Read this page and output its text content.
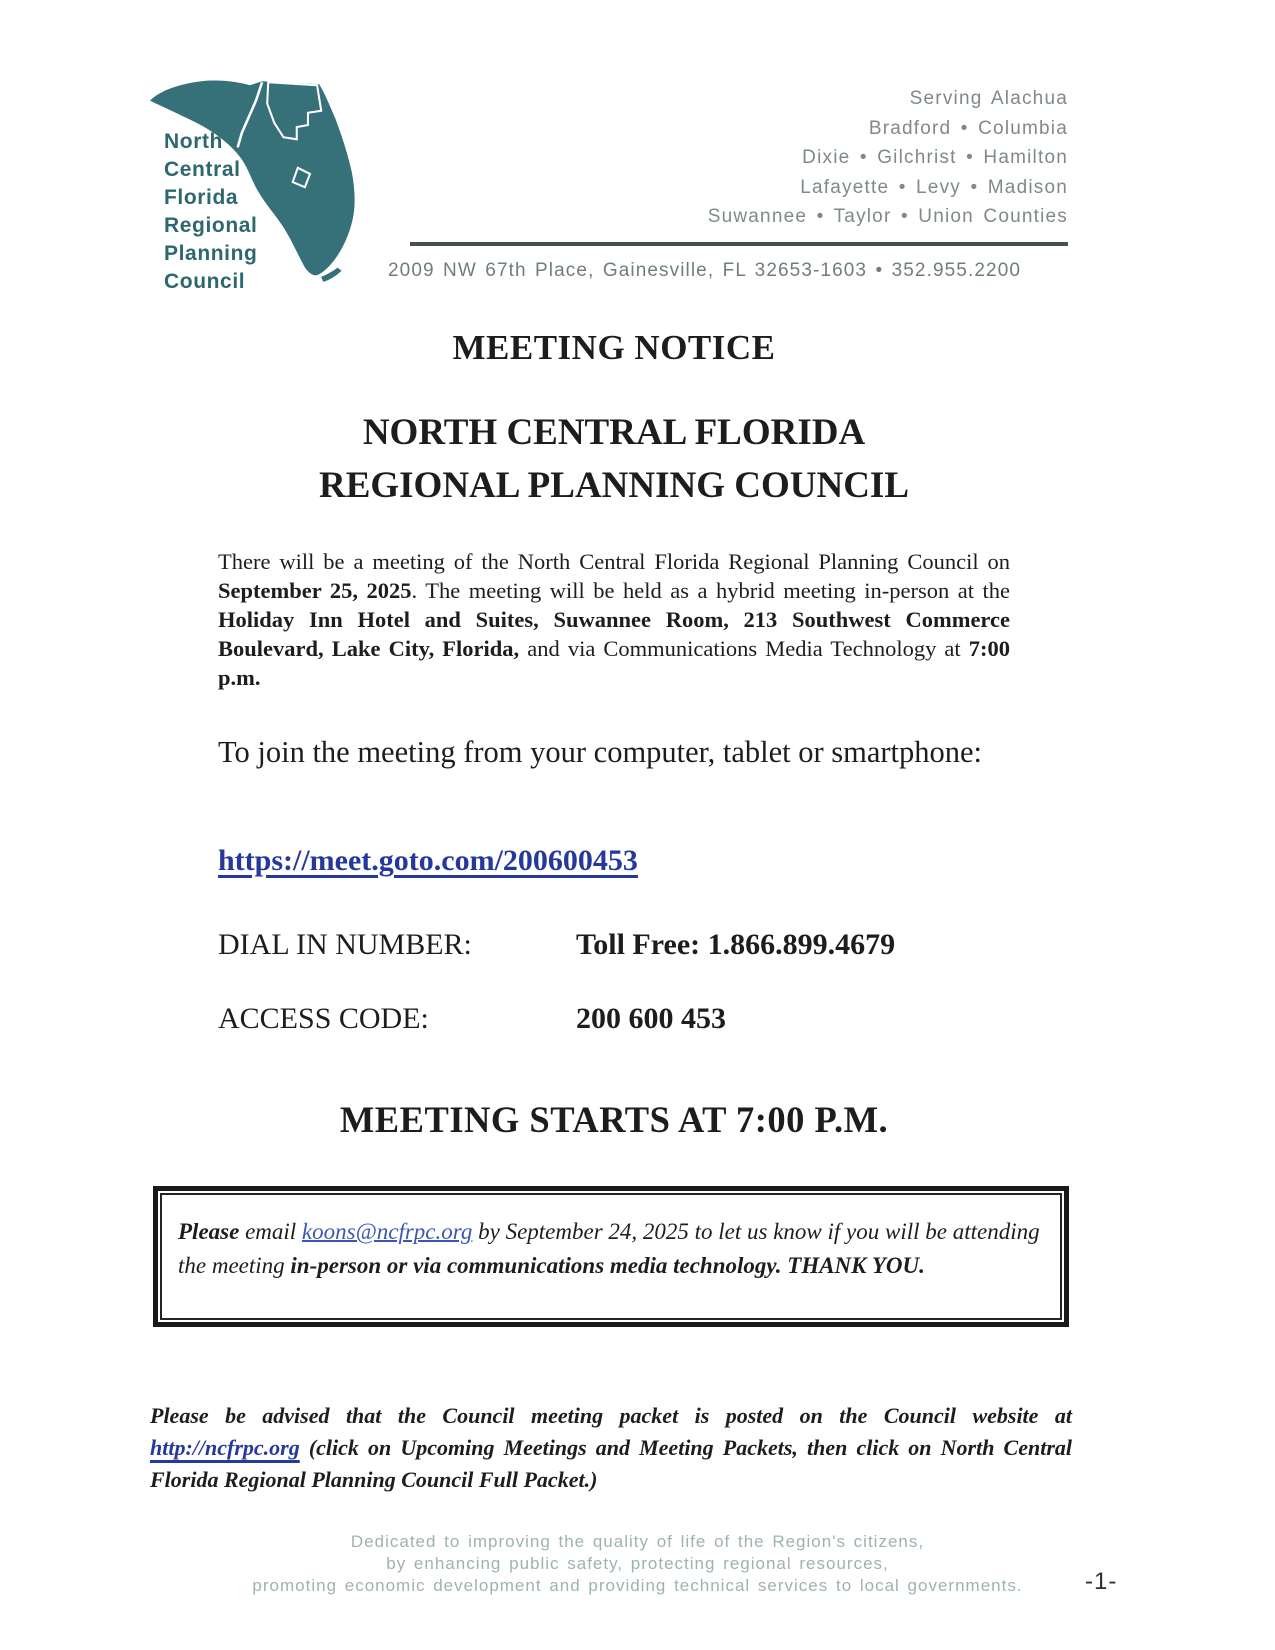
North
Central
Florida
Regional
Planning
Council
Serving Alachua
Bradford • Columbia
Dixie • Gilchrist • Hamilton
Lafayette • Levy • Madison
Suwannee • Taylor • Union Counties
2009 NW 67th Place, Gainesville, FL 32653-1603 • 352.955.2200
MEETING NOTICE
NORTH CENTRAL FLORIDA
REGIONAL PLANNING COUNCIL

There will be a meeting of the North Central Florida Regional Planning Council on September 25, 2025. The meeting will be held as a hybrid meeting in-person at the Holiday Inn Hotel and Suites, Suwannee Room, 213 Southwest Commerce Boulevard, Lake City, Florida, and via Communications Media Technology at 7:00 p.m.

To join the meeting from your computer, tablet or smartphone:

https://meet.goto.com/200600453
DIAL IN NUMBER:	Toll Free: 1.866.899.4679
ACCESS CODE:	200 600 453
MEETING STARTS AT 7:00 P.M.

Please email koons@ncfrpc.org by September 24, 2025 to let us know if you will be attending the meeting in-person or via communications media technology. THANK YOU.

Please be advised that the Council meeting packet is posted on the Council website at http://ncfrpc.org (click on Upcoming Meetings and Meeting Packets, then click on North Central Florida Regional Planning Council Full Packet.)

Dedicated to improving the quality of life of the Region's citizens,
by enhancing public safety, protecting regional resources,
promoting economic development and providing technical services to local governments.	-1-
